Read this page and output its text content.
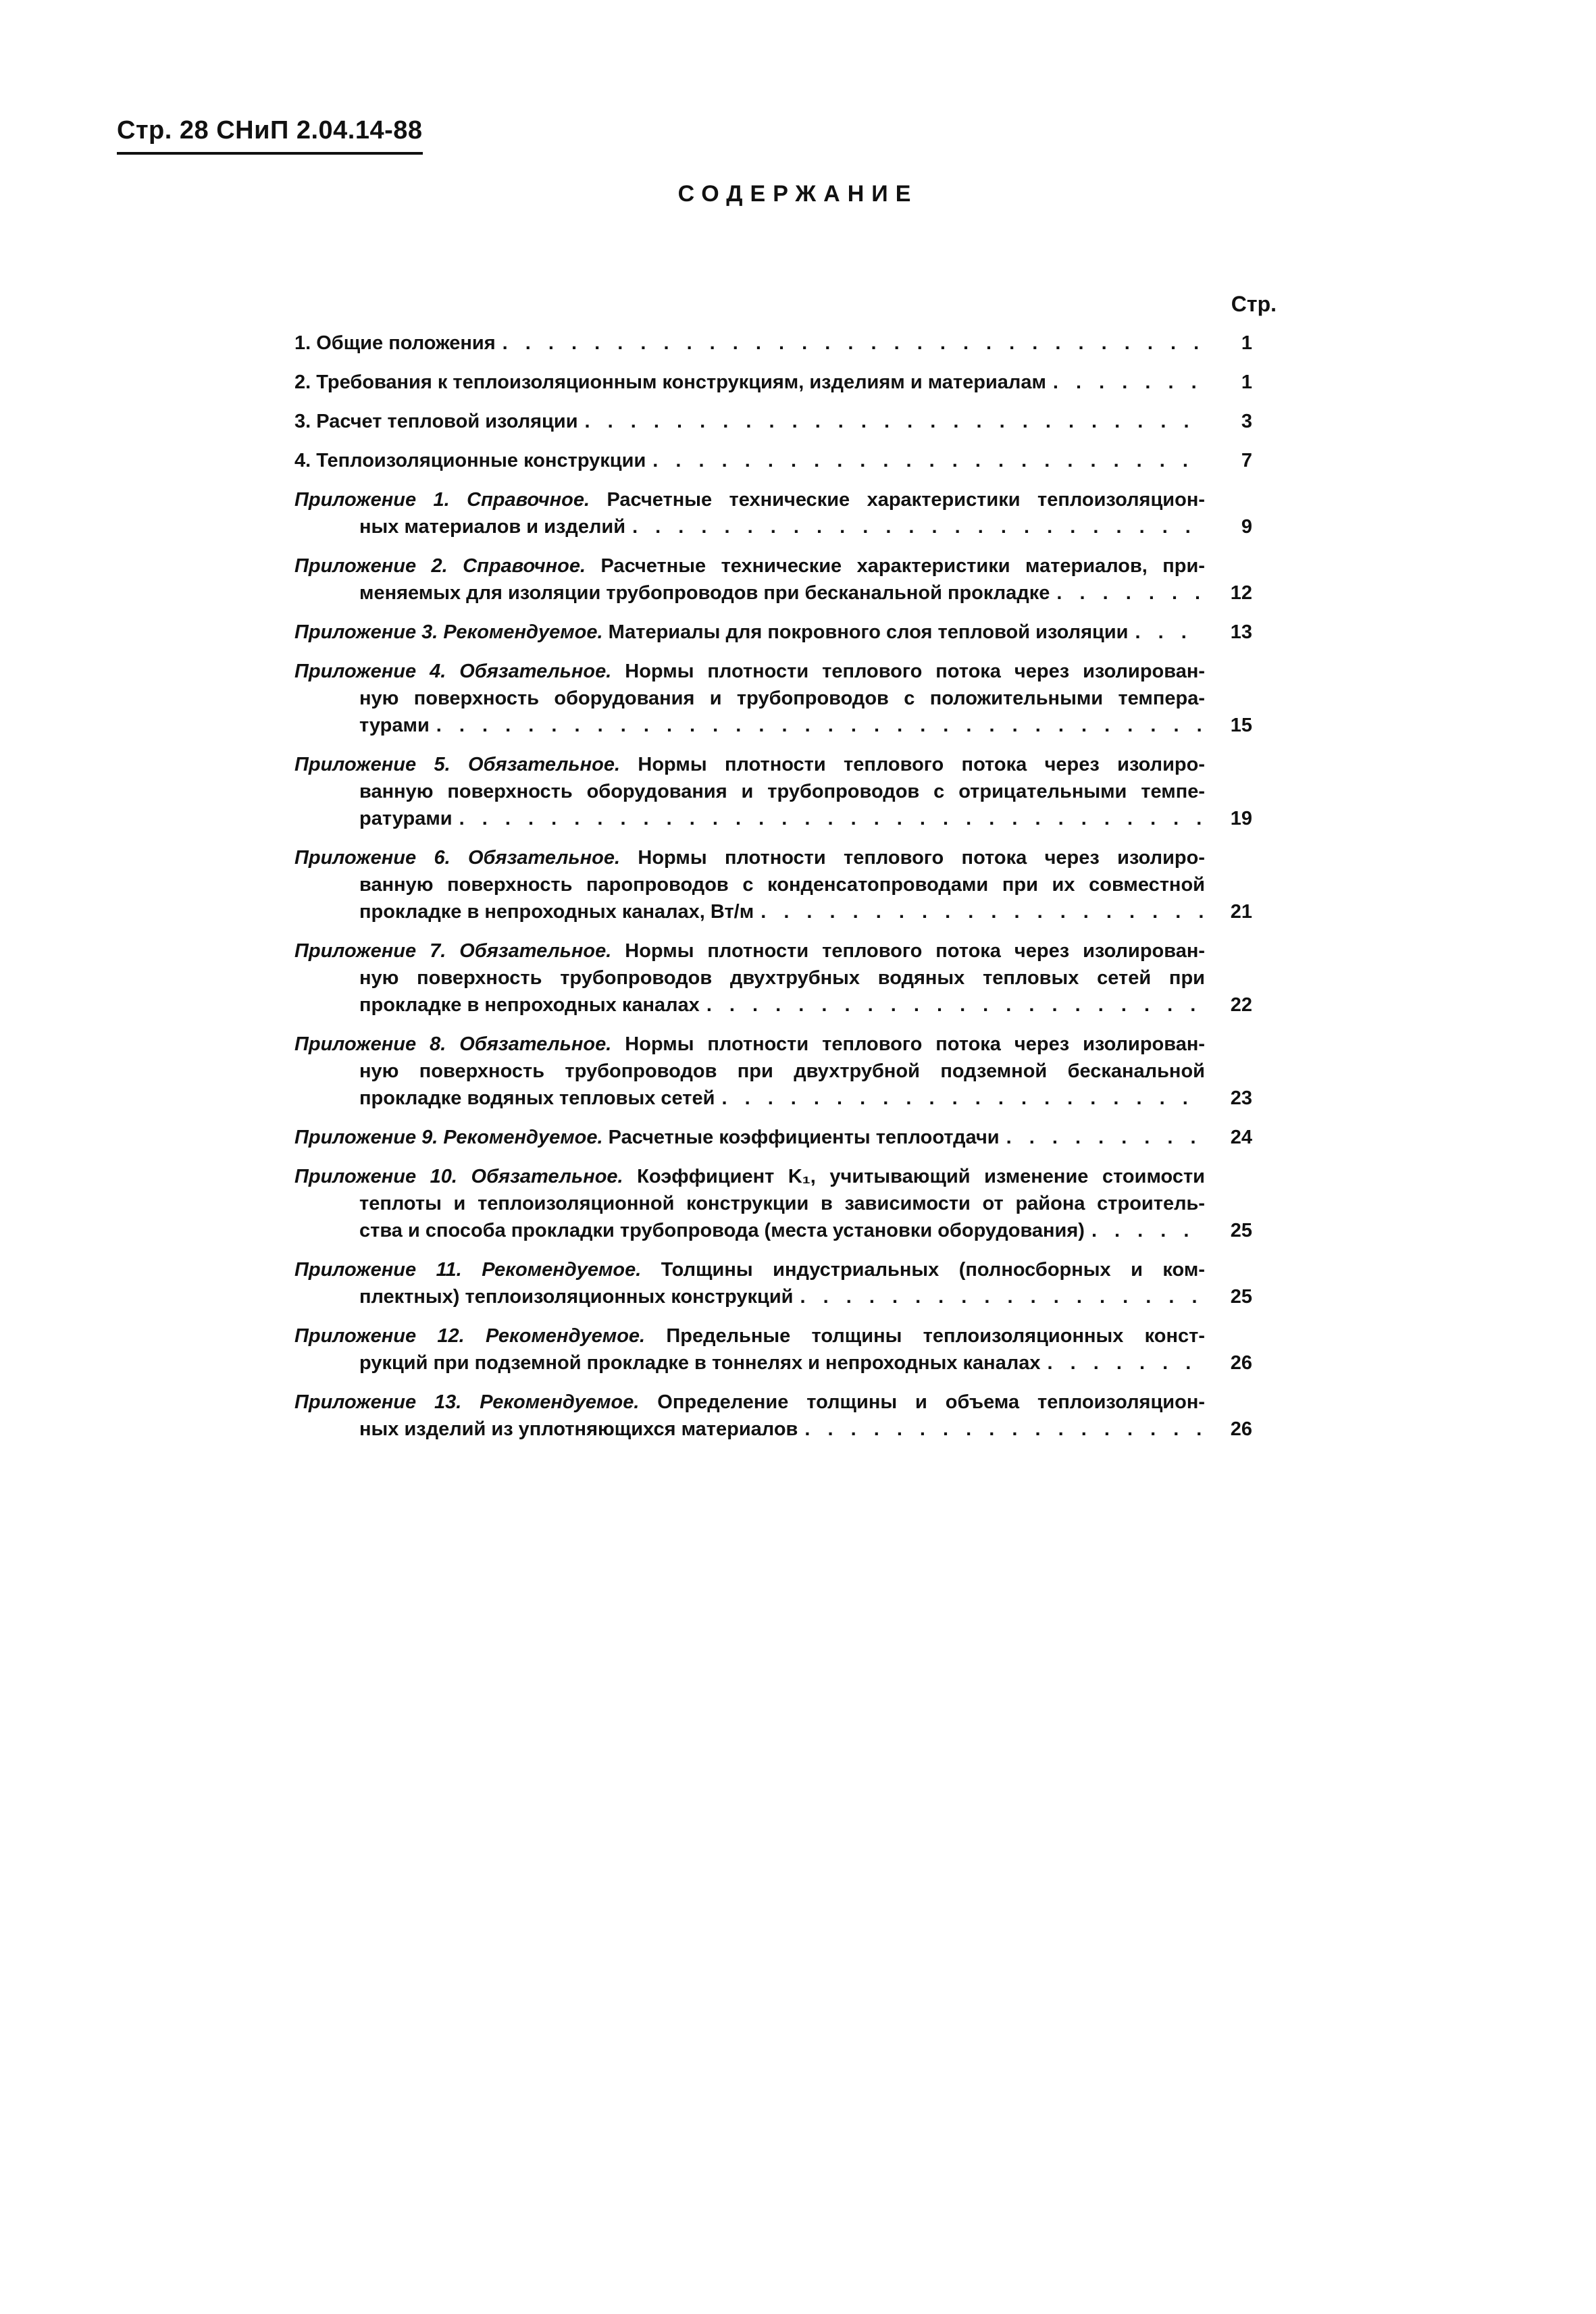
Стр. 28 СНиП 2.04.14-88
СОДЕРЖАНИЕ
Стр.
1. Общие положения . . .	1
2. Требования к теплоизоляционным конструкциям, изделиям и материалам . . .	1
3. Расчет тепловой изоляции . . .	3
4. Теплоизоляционные конструкции . . .	7
Приложение 1. Справочное. Расчетные технические характеристики теплоизоляцион-
ных материалов и изделий . . .	9
Приложение 2. Справочное. Расчетные технические характеристики материалов, при-
меняемых для изоляции трубопроводов при бесканальной прокладке . . .	12
Приложение 3. Рекомендуемое. Материалы для покровного слоя тепловой изоляции . . .	13
Приложение 4. Обязательное. Нормы плотности теплового потока через изолирован-
ную поверхность оборудования и трубопроводов с положительными темпера-
турами . . .	15
Приложение 5. Обязательное. Нормы плотности теплового потока через изолиро-
ванную поверхность оборудования и трубопроводов с отрицательными темпе-
ратурами . . .	19
Приложение 6. Обязательное. Нормы плотности теплового потока через изолиро-
ванную поверхность паропроводов с конденсатопроводами при их совместной
прокладке в непроходных каналах, Вт/м . . .	21
Приложение 7. Обязательное. Нормы плотности теплового потока через изолирован-
ную поверхность трубопроводов двухтрубных водяных тепловых сетей при
прокладке в непроходных каналах . . .	22
Приложение 8. Обязательное. Нормы плотности теплового потока через изолирован-
ную поверхность трубопроводов при двухтрубной подземной бесканальной
прокладке водяных тепловых сетей . . .	23
Приложение 9. Рекомендуемое. Расчетные коэффициенты теплоотдачи . . .	24
Приложение 10. Обязательное. Коэффициент K₁, учитывающий изменение стоимости
теплоты и теплоизоляционной конструкции в зависимости от района строитель-
ства и способа прокладки трубопровода (места установки оборудования) . . .	25
Приложение 11. Рекомендуемое. Толщины индустриальных (полносборных и ком-
плектных) теплоизоляционных конструкций . . .	25
Приложение 12. Рекомендуемое. Предельные толщины теплоизоляционных конст-
рукций при подземной прокладке в тоннелях и непроходных каналах . . .	26
Приложение 13. Рекомендуемое. Определение толщины и объема теплоизоляцион-
ных изделий из уплотняющихся материалов . . .	26
